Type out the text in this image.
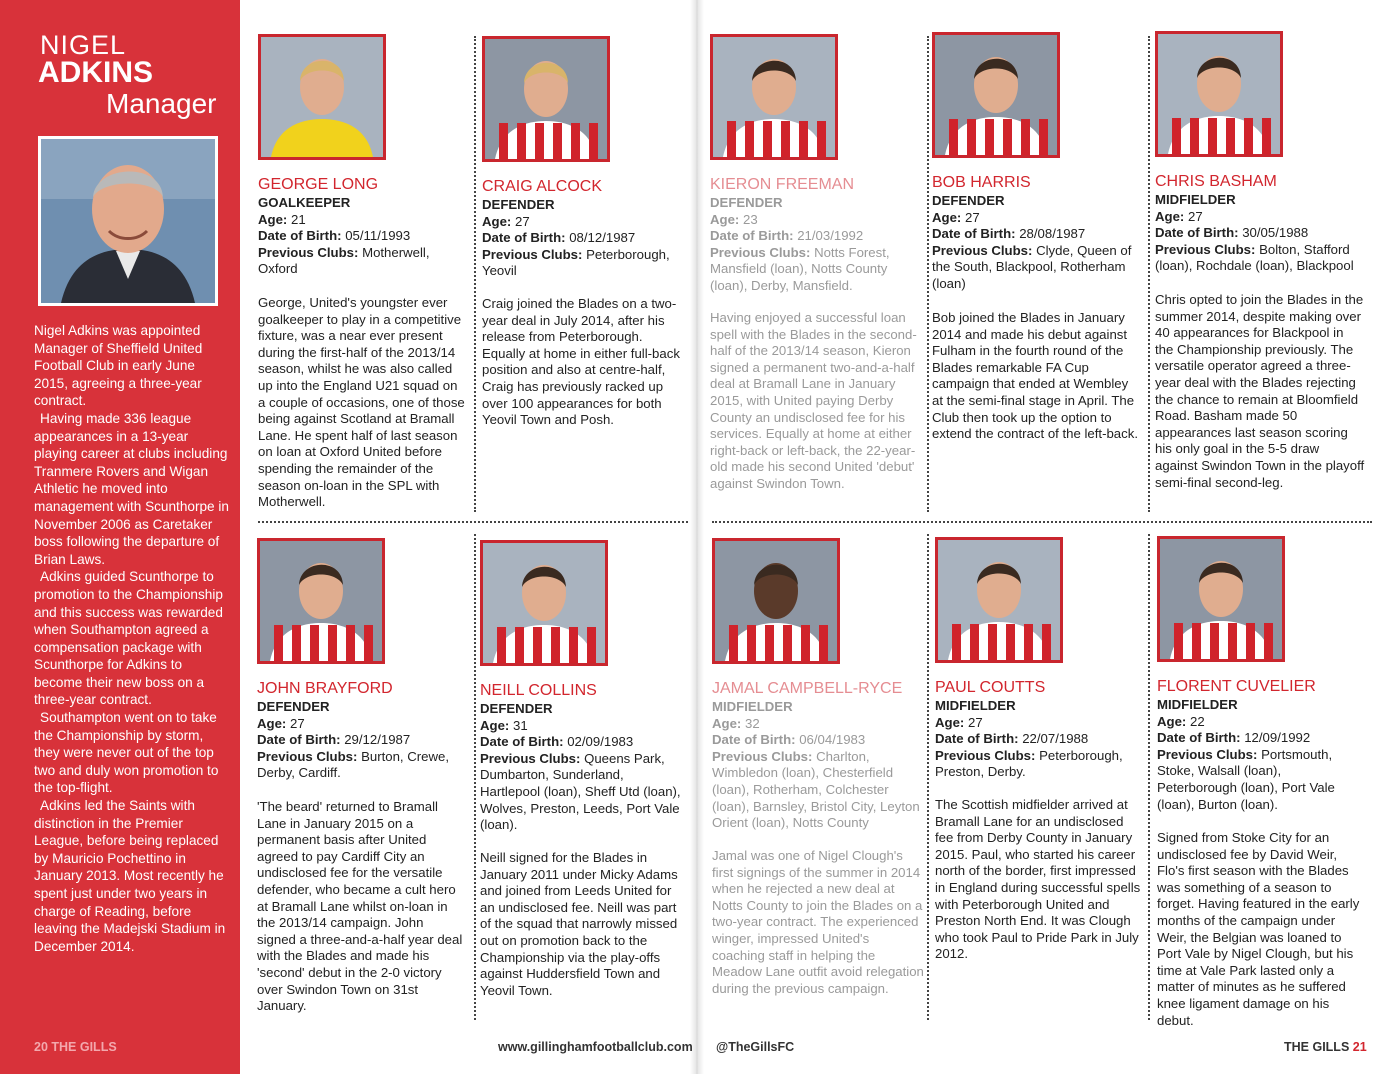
NIGEL
ADKINS
Manager

Nigel Adkins was appointed Manager of Sheffield United Football Club in early June 2015, agreeing a three-year contract.

Having made 336 league appearances in a 13-year playing career at clubs including Tranmere Rovers and Wigan Athletic he moved into management with Scunthorpe in November 2006 as Caretaker boss following the departure of Brian Laws.

Adkins guided Scunthorpe to promotion to the Championship and this success was rewarded when Southampton agreed a compensation package with Scunthorpe for Adkins to become their new boss on a three-year contract.

Southampton went on to take the Championship by storm, they were never out of the top two and duly won promotion to the top-flight.

Adkins led the Saints with distinction in the Premier League, before being replaced by Mauricio Pochettino in January 2013. Most recently he spent just under two years in charge of Reading, before leaving the Madejski Stadium in December 2014.

GEORGE LONG
GOALKEEPER
Age: 21
Date of Birth: 05/11/1993
Previous Clubs: Motherwell, Oxford
George, United's youngster ever goalkeeper to play in a competitive fixture, was a near ever present during the first-half of the 2013/14 season, whilst he was also called up into the England U21 squad on a couple of occasions, one of those being against Scotland at Bramall Lane. He spent half of last season on loan at Oxford United before spending the remainder of the season on-loan in the SPL with Motherwell.
CRAIG ALCOCK
DEFENDER
Age: 27
Date of Birth: 08/12/1987
Previous Clubs: Peterborough, Yeovil
Craig joined the Blades on a two-year deal in July 2014, after his release from Peterborough. Equally at home in either full-back position and also at centre-half, Craig has previously racked up over 100 appearances for both Yeovil Town and Posh.
KIERON FREEMAN
DEFENDER
Age: 23
Date of Birth: 21/03/1992
Previous Clubs: Notts Forest, Mansfield (loan), Notts County (loan), Derby, Mansfield.
Having enjoyed a successful loan spell with the Blades in the second-half of the 2013/14 season, Kieron signed a permanent two-and-a-half deal at Bramall Lane in January 2015, with United paying Derby County an undisclosed fee for his services. Equally at home at either right-back or left-back, the 22-year-old made his second United 'debut' against Swindon Town.
BOB HARRIS
DEFENDER
Age: 27
Date of Birth: 28/08/1987
Previous Clubs: Clyde, Queen of the South, Blackpool, Rotherham (loan)
Bob joined the Blades in January 2014 and made his debut against Fulham in the fourth round of the Blades remarkable FA Cup campaign that ended at Wembley at the semi-final stage in April. The Club then took up the option to extend the contract of the left-back.
CHRIS BASHAM
MIDFIELDER
Age: 27
Date of Birth: 30/05/1988
Previous Clubs: Bolton, Stafford (loan), Rochdale (loan), Blackpool
Chris opted to join the Blades in the summer 2014, despite making over 40 appearances for Blackpool in the Championship previously. The versatile operator agreed a three-year deal with the Blades rejecting the chance to remain at Bloomfield Road. Basham made 50 appearances last season scoring his only goal in the 5-5 draw against Swindon Town in the playoff semi-final second-leg.
JOHN BRAYFORD
DEFENDER
Age: 27
Date of Birth: 29/12/1987
Previous Clubs: Burton, Crewe, Derby, Cardiff.
'The beard' returned to Bramall Lane in January 2015 on a permanent basis after United agreed to pay Cardiff City an undisclosed fee for the versatile defender, who became a cult hero at Bramall Lane whilst on-loan in the 2013/14 campaign. John signed a three-and-a-half year deal with the Blades and made his 'second' debut in the 2-0 victory over Swindon Town on 31st January.
NEILL COLLINS
DEFENDER
Age: 31
Date of Birth: 02/09/1983
Previous Clubs: Queens Park, Dumbarton, Sunderland, Hartlepool (loan), Sheff Utd (loan), Wolves, Preston, Leeds, Port Vale (loan).
Neill signed for the Blades in January 2011 under Micky Adams and joined from Leeds United for an undisclosed fee. Neill was part of the squad that narrowly missed out on promotion back to the Championship via the play-offs against Huddersfield Town and Yeovil Town.
JAMAL CAMPBELL-RYCE
MIDFIELDER
Age: 32
Date of Birth: 06/04/1983
Previous Clubs: Charlton, Wimbledon (loan), Chesterfield (loan), Rotherham, Colchester (loan), Barnsley, Bristol City, Leyton Orient (loan), Notts County
Jamal was one of Nigel Clough's first signings of the summer in 2014 when he rejected a new deal at Notts County to join the Blades on a two-year contract. The experienced winger, impressed United's coaching staff in helping the Meadow Lane outfit avoid relegation during the previous campaign.
PAUL COUTTS
MIDFIELDER
Age: 27
Date of Birth: 22/07/1988
Previous Clubs: Peterborough, Preston, Derby.
The Scottish midfielder arrived at Bramall Lane for an undisclosed fee from Derby County in January 2015. Paul, who started his career north of the border, first impressed in England during successful spells with Peterborough United and Preston North End. It was Clough who took Paul to Pride Park in July 2012.
FLORENT CUVELIER
MIDFIELDER
Age: 22
Date of Birth: 12/09/1992
Previous Clubs: Portsmouth, Stoke, Walsall (loan), Peterborough (loan), Port Vale (loan), Burton (loan).
Signed from Stoke City for an undisclosed fee by David Weir, Flo's first season with the Blades was something of a season to forget. Having featured in the early months of the campaign under Weir, the Belgian was loaned to Port Vale by Nigel Clough, but his time at Vale Park lasted only a matter of minutes as he suffered knee ligament damage on his debut.
20 THE GILLS	www.gillinghamfootballclub.com @TheGillsFC	THE GILLS 21
